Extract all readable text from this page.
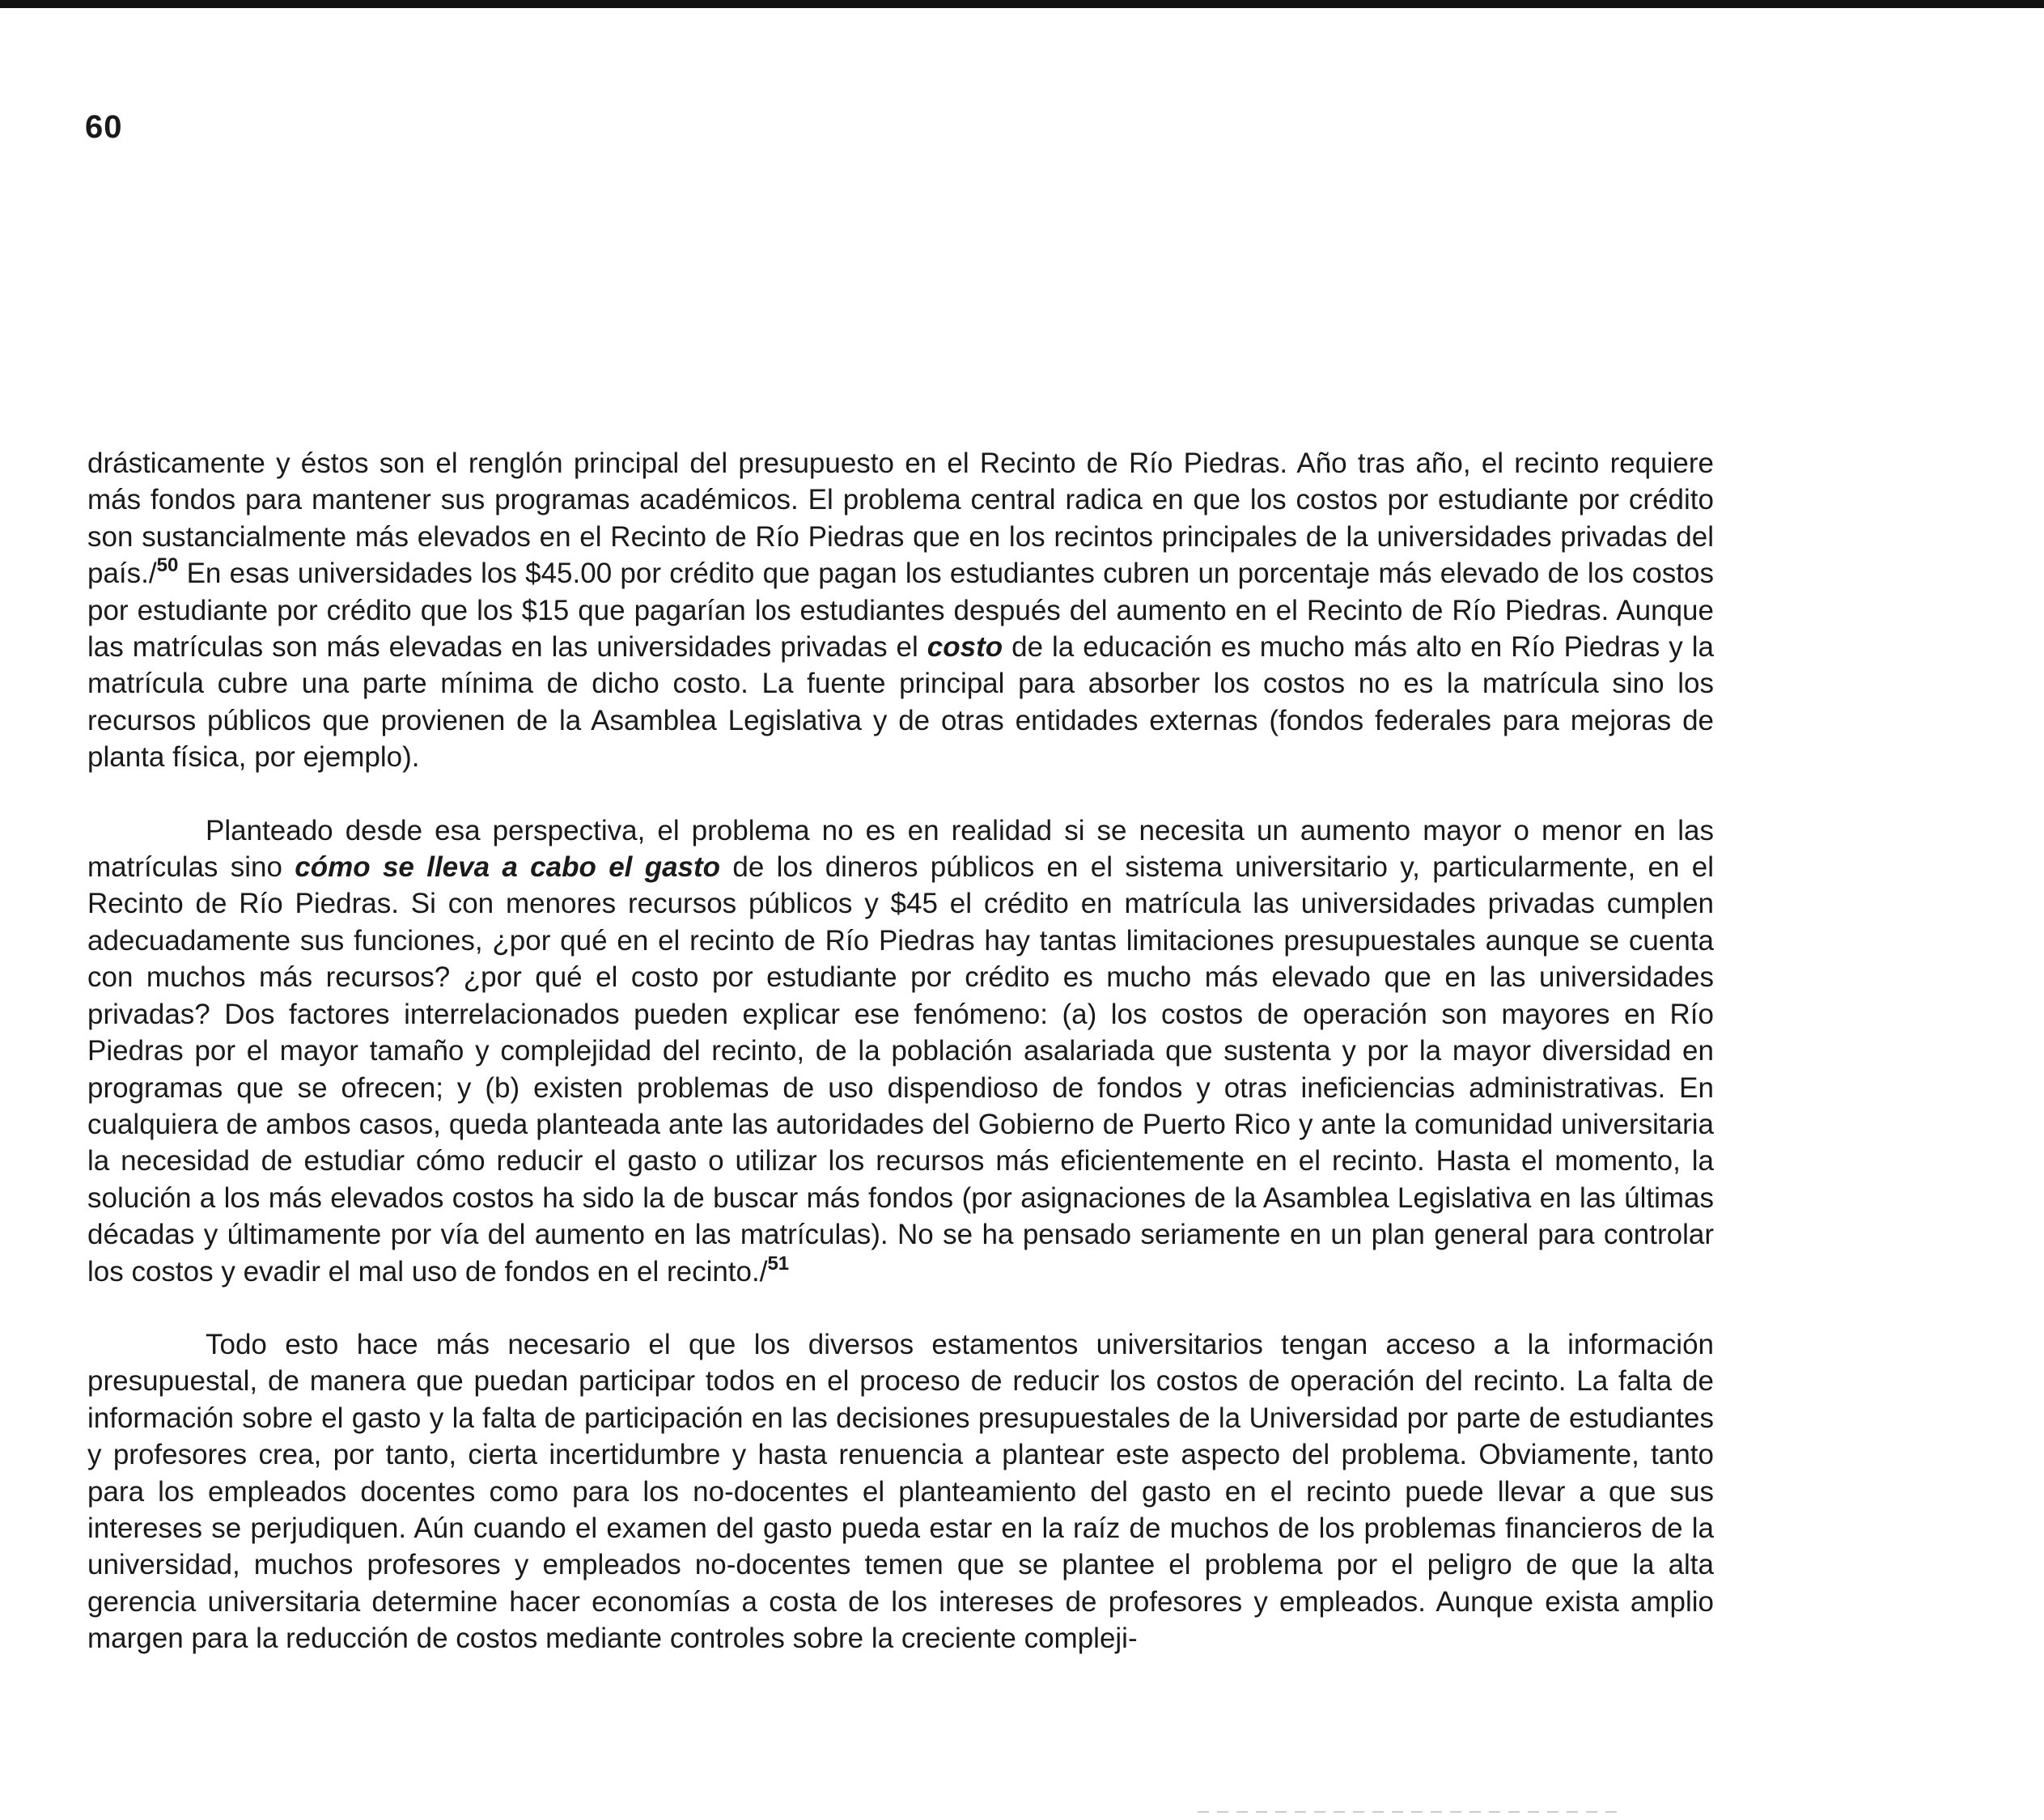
60

drásticamente y éstos son el renglón principal del presupuesto en el Recinto de Río Piedras. Año tras año, el recinto requiere más fondos para mantener sus programas académicos. El problema central radica en que los costos por estudiante por crédito son sustancialmente más elevados en el Recinto de Río Piedras que en los recintos principales de la universidades privadas del país./$^{50}$ En esas universidades los $45.00 por crédito que pagan los estudiantes cubren un porcentaje más elevado de los costos por estudiante por crédito que los $15 que pagarían los estudiantes después del aumento en el Recinto de Río Piedras. Aunque las matrículas son más elevadas en las universidades privadas el costo de la educación es mucho más alto en Río Piedras y la matrícula cubre una parte mínima de dicho costo. La fuente principal para absorber los costos no es la matrícula sino los recursos públicos que provienen de la Asamblea Legislativa y de otras entidades externas (fondos federales para mejoras de planta física, por ejemplo).

Planteado desde esa perspectiva, el problema no es en realidad si se necesita un aumento mayor o menor en las matrículas sino cómo se lleva a cabo el gasto de los dineros públicos en el sistema universitario y, particularmente, en el Recinto de Río Piedras. Si con menores recursos públicos y $45 el crédito en matrícula las universidades privadas cumplen adecuadamente sus funciones, ¿por qué en el recinto de Río Piedras hay tantas limitaciones presupuestales aunque se cuenta con muchos más recursos? ¿por qué el costo por estudiante por crédito es mucho más elevado que en las universidades privadas? Dos factores interrelacionados pueden explicar ese fenómeno: (a) los costos de operación son mayores en Río Piedras por el mayor tamaño y complejidad del recinto, de la población asalariada que sustenta y por la mayor diversidad en programas que se ofrecen; y (b) existen problemas de uso dispendioso de fondos y otras ineficiencias administrativas. En cualquiera de ambos casos, queda planteada ante las autoridades del Gobierno de Puerto Rico y ante la comunidad universitaria la necesidad de estudiar cómo reducir el gasto o utilizar los recursos más eficientemente en el recinto. Hasta el momento, la solución a los más elevados costos ha sido la de buscar más fondos (por asignaciones de la Asamblea Legislativa en las últimas décadas y últimamente por vía del aumento en las matrículas). No se ha pensado seriamente en un plan general para controlar los costos y evadir el mal uso de fondos en el recinto./$^{51}$

Todo esto hace más necesario el que los diversos estamentos universitarios tengan acceso a la información presupuestal, de manera que puedan participar todos en el proceso de reducir los costos de operación del recinto. La falta de información sobre el gasto y la falta de participación en las decisiones presupuestales de la Universidad por parte de estudiantes y profesores crea, por tanto, cierta incertidumbre y hasta renuencia a plantear este aspecto del problema. Obviamente, tanto para los empleados docentes como para los no-docentes el planteamiento del gasto en el recinto puede llevar a que sus intereses se perjudiquen. Aún cuando el examen del gasto pueda estar en la raíz de muchos de los problemas financieros de la universidad, muchos profesores y empleados no-docentes temen que se plantee el problema por el peligro de que la alta gerencia universitaria determine hacer economías a costa de los intereses de profesores y empleados. Aunque exista amplio margen para la reducción de costos mediante controles sobre la creciente compleji-
